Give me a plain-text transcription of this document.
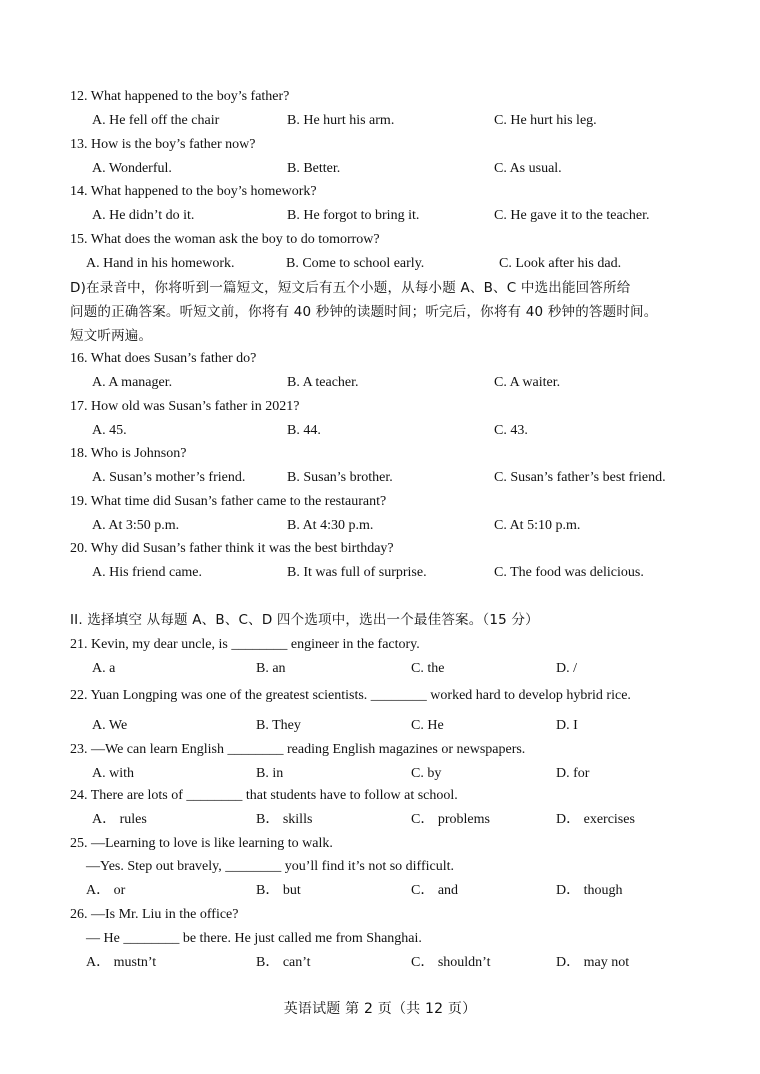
12. What happened to the boy’s father?
A. He fell off the chair	B. He hurt his arm.	C. He hurt his leg.
13. How is the boy’s father now?
A. Wonderful.	B. Better.	C. As usual.
14. What happened to the boy’s homework?
A. He didn’t do it.	B. He forgot to bring it.	C. He gave it to the teacher.
15. What does the woman ask the boy to do tomorrow?
A. Hand in his homework.	B. Come to school early.	C. Look after his dad.
D)在录音中，你将听到一篇短文，短文后有五个小题，从每小题 A、B、C 中选出能回答所给
问题的正确答案。听短文前，你将有 40 秒钟的读题时间；听完后，你将有 40 秒钟的答题时间。
短文听两遍。
16. What does Susan’s father do?
A. A manager.	B. A teacher.	C. A waiter.
17. How old was Susan’s father in 2021?
A. 45.	B. 44.	C. 43.
18. Who is Johnson?
A. Susan’s mother’s friend.	B. Susan’s brother.	C. Susan’s father’s best friend.
19. What time did Susan’s father came to the restaurant?
A. At 3:50 p.m.	B. At 4:30 p.m.	C. At 5:10 p.m.
20. Why did Susan’s father think it was the best birthday?
A. His friend came.	B. It was full of surprise.	C. The food was delicious.
II. 选择填空 从每题 A、B、C、D 四个选项中，选出一个最佳答案。（15 分）
21. Kevin, my dear uncle, is ________ engineer in the factory.
A. a	B. an	C. the	D. /
22. Yuan Longping was one of the greatest scientists. ________ worked hard to develop hybrid rice.
A. We	B. They	C. He	D. I
23. —We can learn English ________ reading English magazines or newspapers.
A. with	B. in	C. by	D. for
24. There are lots of ________ that students have to follow at school.
A． rules	B． skills	C． problems	D． exercises
25. —Learning to love is like learning to walk.
—Yes. Step out bravely, ________ you’ll find it’s not so difficult.
A． or	B． but	C． and	D． though
26. —Is Mr. Liu in the office?
— He ________ be there. He just called me from Shanghai.
A． mustn’t	B． can’t	C． shouldn’t	D． may not
英语试题 第 2 页（共 12 页）
